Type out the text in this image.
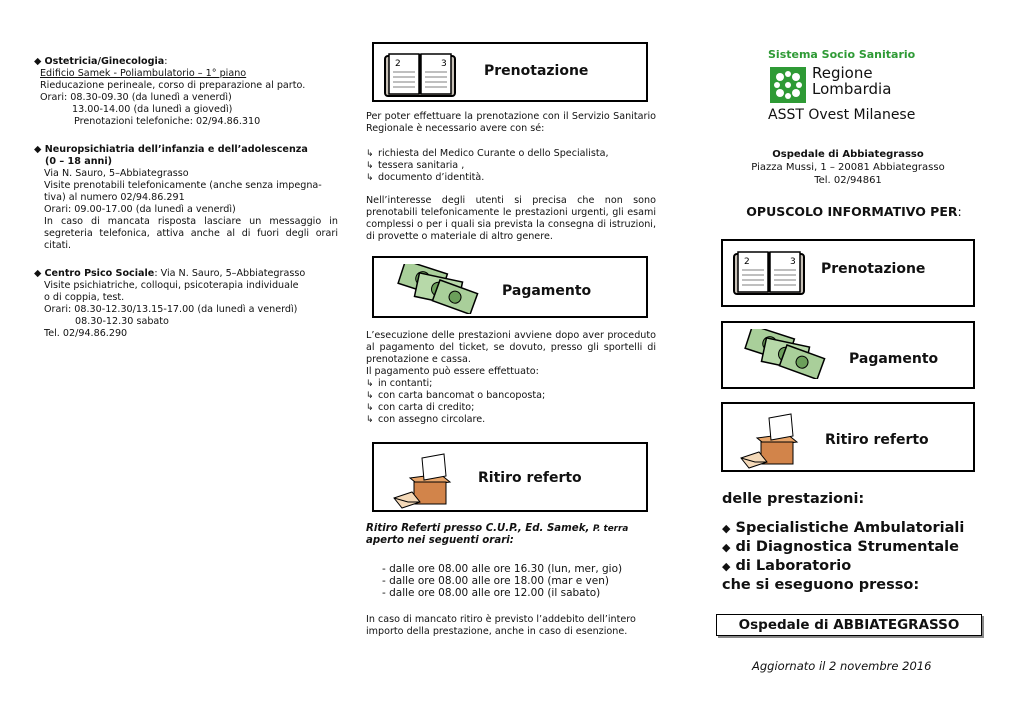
◆ Ostetricia/Ginecologia:

Edificio Samek - Poliambulatorio – 1° piano

Rieducazione perineale, corso di preparazione al parto.

Orari: 08.30-09.30 (da lunedì a venerdì)

13.00-14.00 (da lunedì a giovedì)

Prenotazioni telefoniche: 02/94.86.310

◆ Neuropsichiatria dell’infanzia e dell’adolescenza

(0 – 18 anni)

Via N. Sauro, 5–Abbiategrasso

Visite prenotabili telefonicamente (anche senza impegna-

tiva) al numero 02/94.86.291

Orari: 09.00-17.00 (da lunedì a venerdì)

In caso di mancata risposta lasciare un messaggio in segreteria telefonica, attiva anche al di fuori degli orari citati.

◆ Centro Psico Sociale: Via N. Sauro, 5–Abbiategrasso

Visite psichiatriche, colloqui, psicoterapia individuale

o di coppia, test.

Orari: 08.30-12.30/13.15-17.00 (da lunedì a venerdì)

08.30-12.30 sabato

Tel. 02/94.86.290

Prenotazione

Per poter effettuare la prenotazione con il Servizio Sanitario Regionale è necessario avere con sé:

↳ richiesta del Medico Curante o dello Specialista,

↳ tessera sanitaria ,

↳ documento d’identità.

Nell’interesse degli utenti si precisa che non sono prenotabili telefonicamente le prestazioni urgenti, gli esami complessi o per i quali sia prevista la consegna di istruzioni, di provette o materiale di altro genere.

Pagamento

L’esecuzione delle prestazioni avviene dopo aver proceduto al pagamento del ticket, se dovuto, presso gli sportelli di prenotazione e cassa.

Il pagamento può essere effettuato:

↳ in contanti;

↳ con carta bancomat o bancoposta;

↳ con carta di credito;

↳ con assegno circolare.

Ritiro referto

Ritiro Referti presso C.U.P., Ed. Samek, P. terra
aperto nei seguenti orari:

- dalle ore 08.00 alle ore 16.30 (lun, mer, gio)

- dalle ore 08.00 alle ore 18.00 (mar e ven)

- dalle ore 08.00 alle ore 12.00 (il sabato)

In caso di mancato ritiro è previsto l’addebito dell’intero importo della prestazione, anche in caso di esenzione.

Sistema Socio Sanitario
Regione
Lombardia
ASST Ovest Milanese

Ospedale di Abbiategrasso

Piazza Mussi, 1 – 20081 Abbiategrasso

Tel. 02/94861

OPUSCOLO INFORMATIVO PER:
Prenotazione
Pagamento
Ritiro referto

delle prestazioni:

◆ Specialistiche Ambulatoriali

◆ di Diagnostica Strumentale

◆ di Laboratorio

che si eseguono presso:

Ospedale di ABBIATEGRASSO
Aggiornato il 2 novembre 2016
